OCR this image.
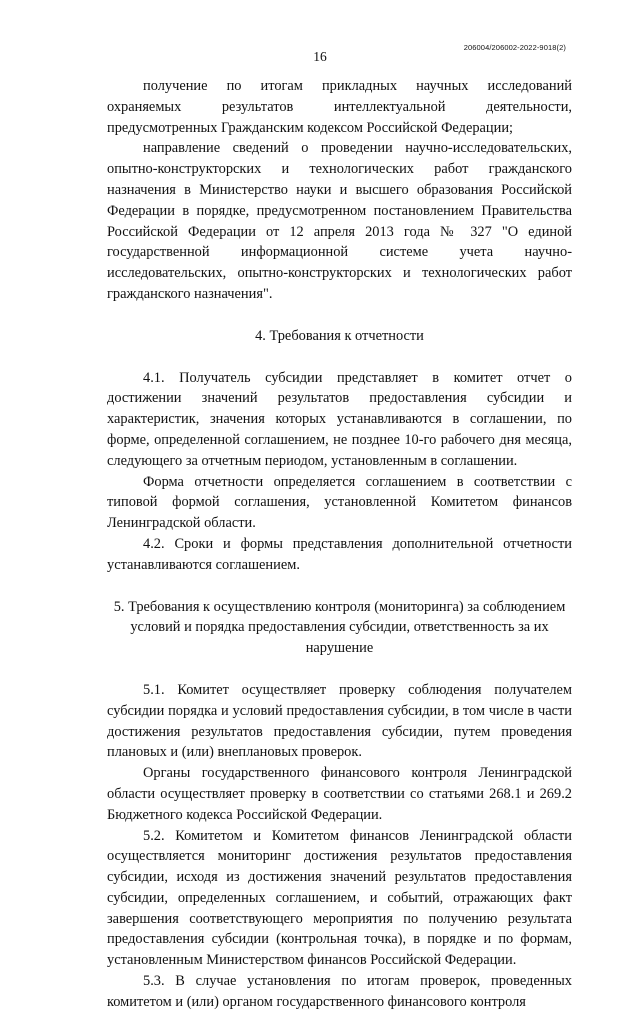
16
206004/206002-2022-9018(2)

получение по итогам прикладных научных исследований охраняемых результатов интеллектуальной деятельности, предусмотренных Гражданским кодексом Российской Федерации;

направление сведений о проведении научно-исследовательских, опытно-конструкторских и технологических работ гражданского назначения в Министерство науки и высшего образования Российской Федерации в порядке, предусмотренном постановлением Правительства Российской Федерации от 12 апреля 2013 года № 327 "О единой государственной информационной системе учета научно-исследовательских, опытно-конструкторских и технологических работ гражданского назначения".

4. Требования к отчетности

4.1. Получатель субсидии представляет в комитет отчет о достижении значений результатов предоставления субсидии и характеристик, значения которых устанавливаются в соглашении, по форме, определенной соглашением, не позднее 10-го рабочего дня месяца, следующего за отчетным периодом, установленным в соглашении.

Форма отчетности определяется соглашением в соответствии с типовой формой соглашения, установленной Комитетом финансов Ленинградской области.

4.2. Сроки и формы представления дополнительной отчетности устанавливаются соглашением.

5. Требования к осуществлению контроля (мониторинга) за соблюдением условий и порядка предоставления субсидии, ответственность за их нарушение

5.1. Комитет осуществляет проверку соблюдения получателем субсидии порядка и условий предоставления субсидии, в том числе в части достижения результатов предоставления субсидии, путем проведения плановых и (или) внеплановых проверок.

Органы государственного финансового контроля Ленинградской области осуществляет проверку в соответствии со статьями 268.1 и 269.2 Бюджетного кодекса Российской Федерации.

5.2. Комитетом и Комитетом финансов Ленинградской области осуществляется мониторинг достижения результатов предоставления субсидии, исходя из достижения значений результатов предоставления субсидии, определенных соглашением, и событий, отражающих факт завершения соответствующего мероприятия по получению результата предоставления субсидии (контрольная точка), в порядке и по формам, установленным Министерством финансов Российской Федерации.

5.3. В случае установления по итогам проверок, проведенных комитетом и (или) органом государственного финансового контроля
